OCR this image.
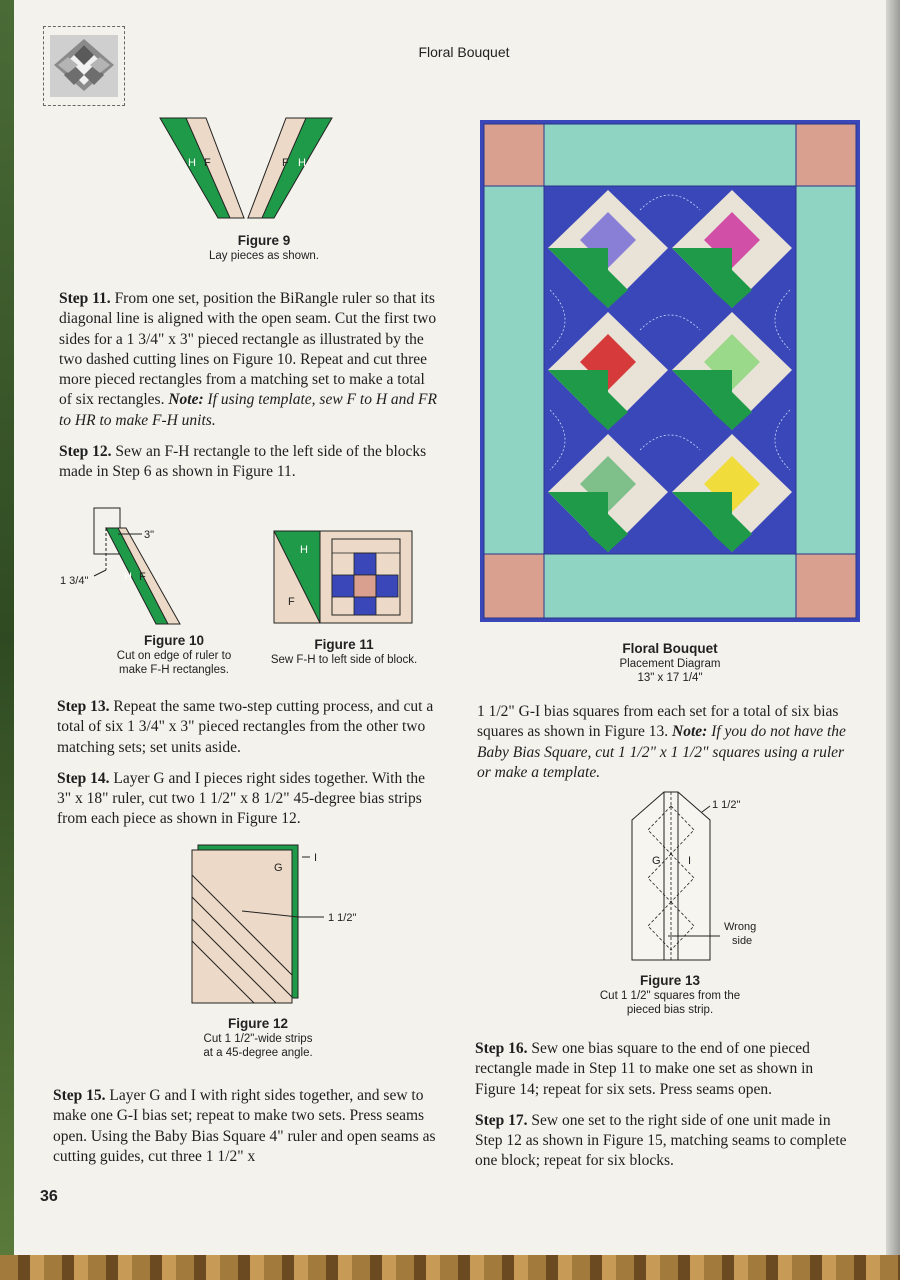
Floral Bouquet
H F	F H
Figure 9
Lay pieces as shown.

Step 11. From one set, position the BiRangle ruler so that its diagonal line is aligned with the open seam. Cut the first two sides for a 1 3/4" x 3" pieced rectangle as illustrated by the two dashed cutting lines on Figure 10. Repeat and cut three more pieced rectangles from a matching set to make a total of six rectangles. Note: If using template, sew F to H and FR to HR to make F-H units.

Step 12. Sew an F-H rectangle to the left side of the blocks made in Step 6 as shown in Figure 11.

3"
1 3/4"	H F
Figure 10
Cut on edge of ruler to
make F-H rectangles.
H
F
Figure 11
Sew F-H to left side of block.

Step 13. Repeat the same two-step cutting process, and cut a total of six 1 3/4" x 3" pieced rectangles from the other two matching sets; set units aside.

Step 14. Layer G and I pieces right sides together. With the 3" x 18" ruler, cut two 1 1/2" x 8 1/2" 45-degree bias strips from each piece as shown in Figure 12.

G
I
1 1/2"
Figure 12
Cut 1 1/2"-wide strips
at a 45-degree angle.

Step 15. Layer G and I with right sides together, and sew to make one G-I bias set; repeat to make two sets. Press seams open. Using the Baby Bias Square 4" ruler and open seams as cutting guides, cut three 1 1/2" x

36
Floral Bouquet
Placement Diagram
13" x 17 1/4"

1 1/2" G-I bias squares from each set for a total of six bias squares as shown in Figure 13. Note: If you do not have the Baby Bias Square, cut 1 1/2" x 1 1/2" squares using a ruler or make a template.

1 1/2"
G I
Wrong
side
Figure 13
Cut 1 1/2" squares from the
pieced bias strip.

Step 16. Sew one bias square to the end of one pieced rectangle made in Step 11 to make one set as shown in Figure 14; repeat for six sets. Press seams open.

Step 17. Sew one set to the right side of one unit made in Step 12 as shown in Figure 15, matching seams to complete one block; repeat for six blocks.
